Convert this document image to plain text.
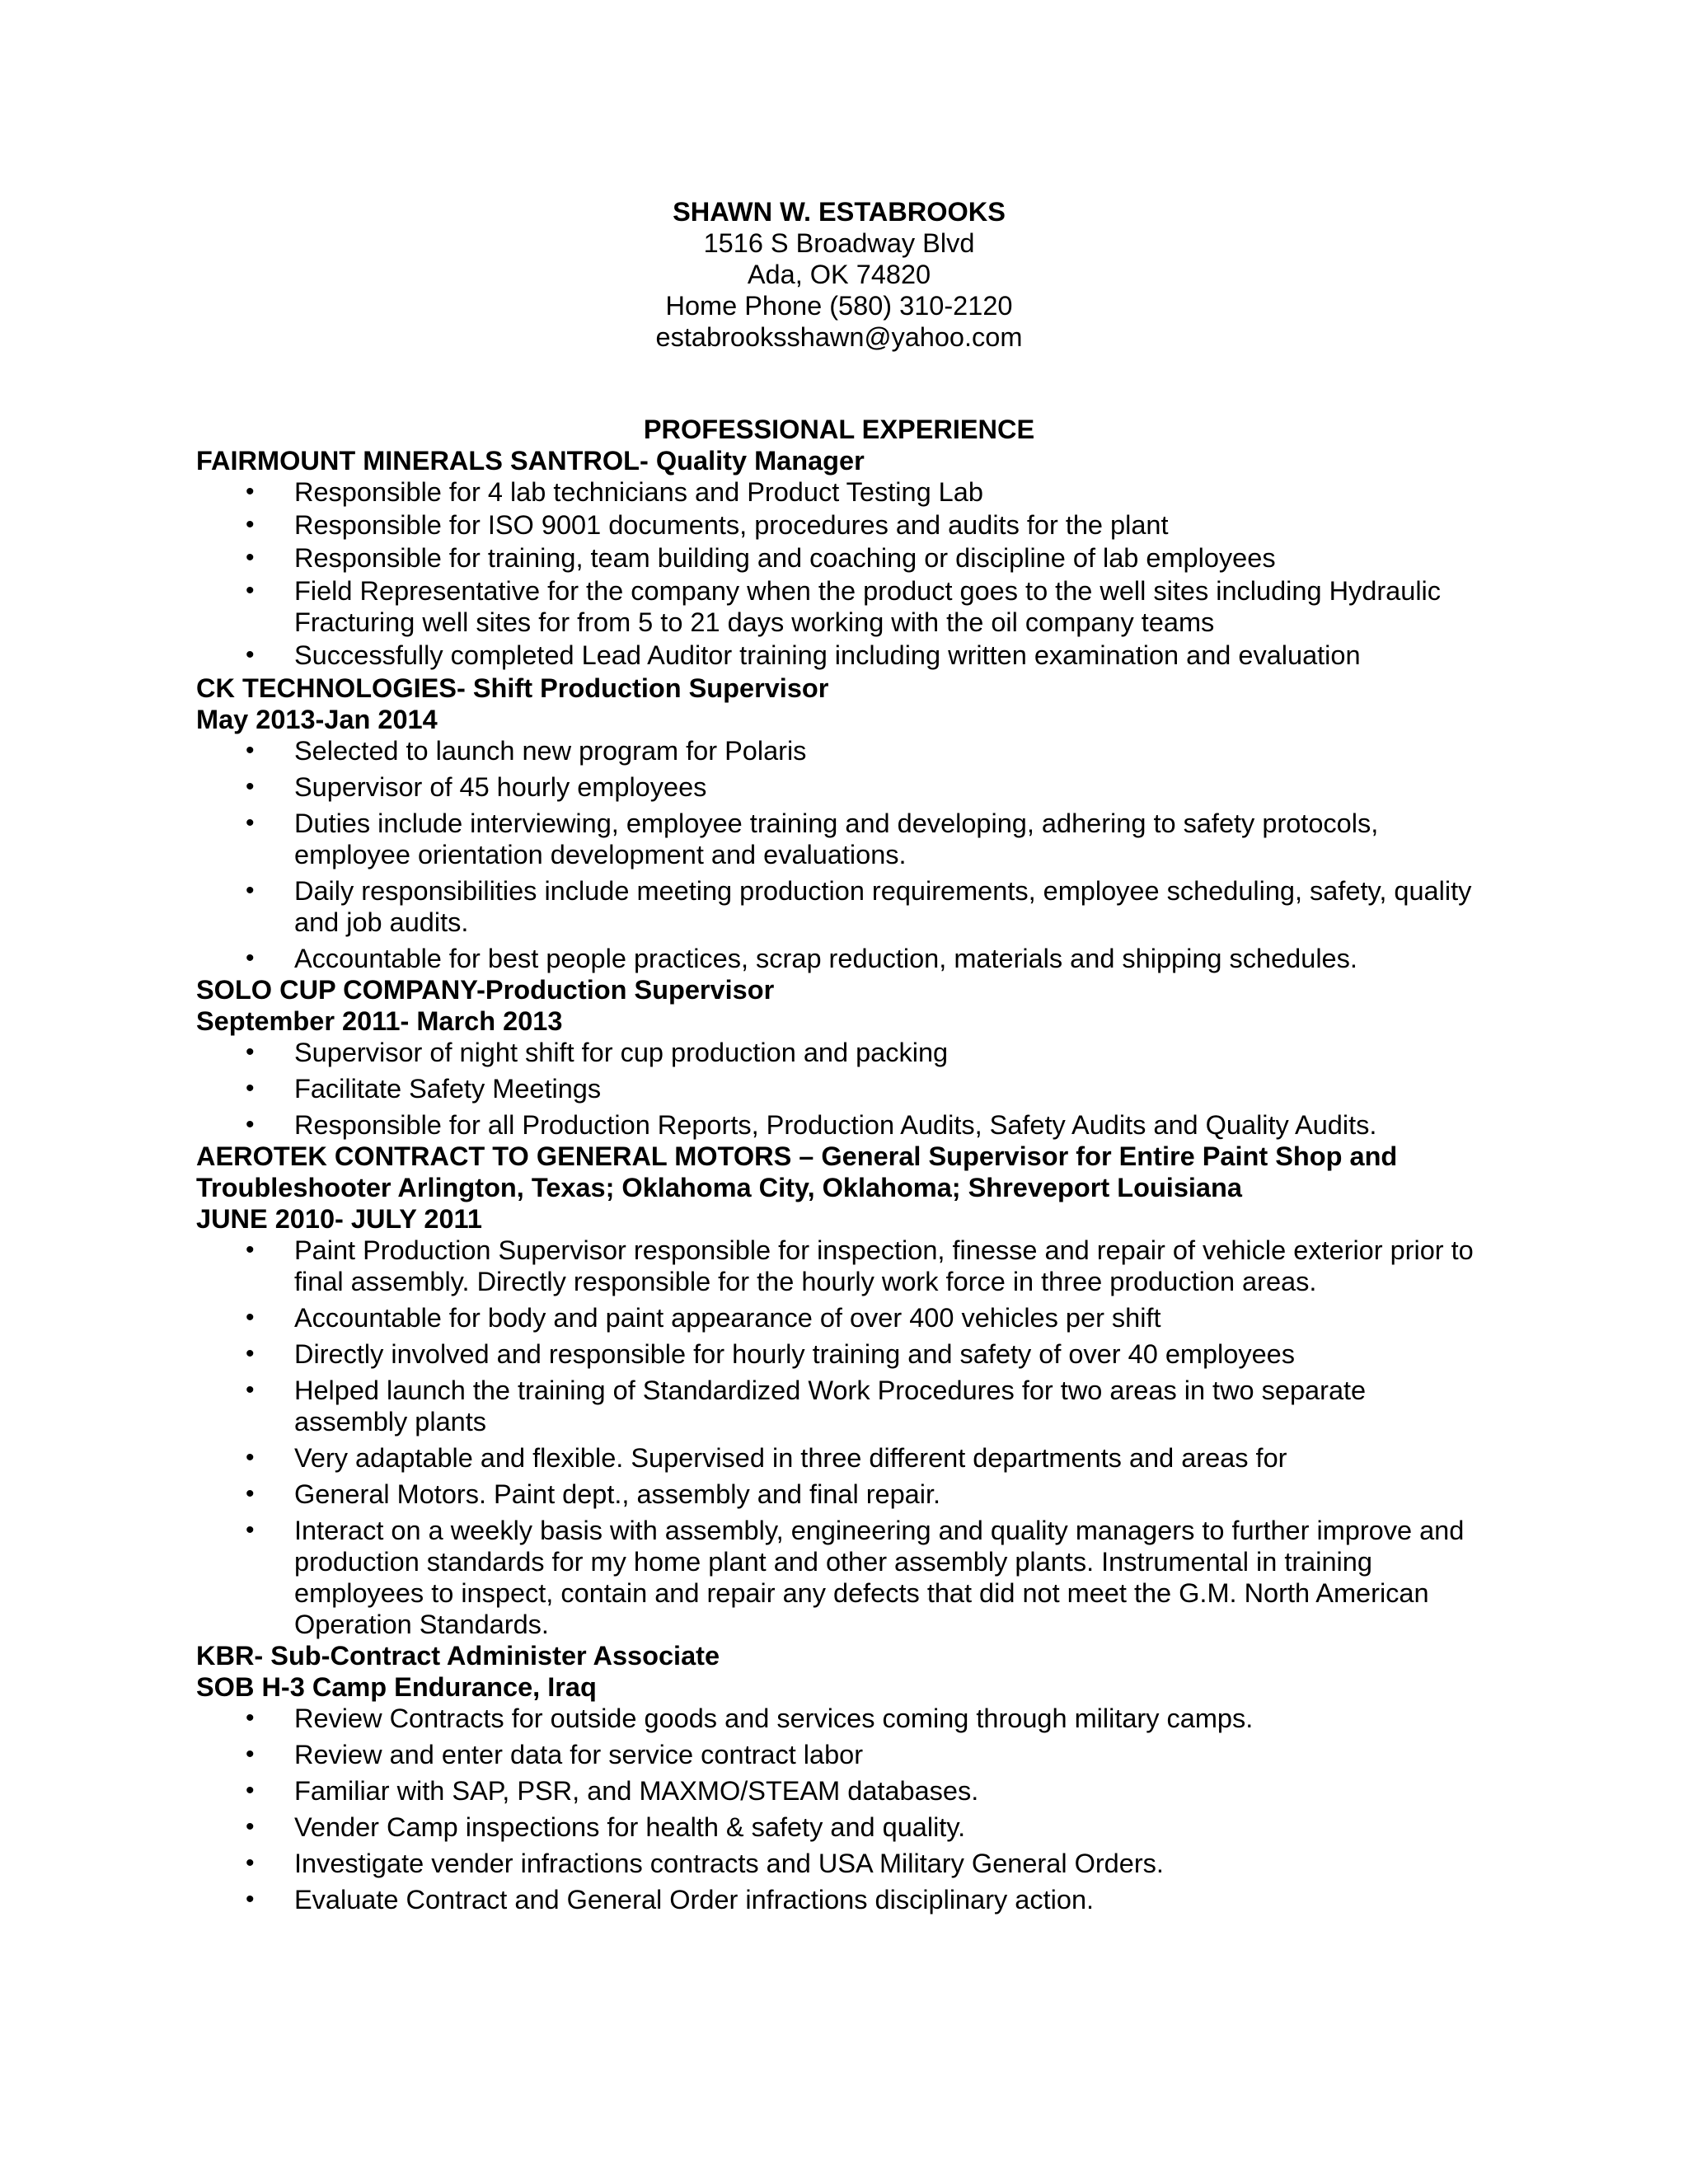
SHAWN W. ESTABROOKS
1516 S Broadway Blvd
Ada, OK 74820
Home Phone (580) 310-2120
estabrooksshawn@yahoo.com
PROFESSIONAL EXPERIENCE
FAIRMOUNT MINERALS SANTROL- Quality Manager
• Responsible for 4 lab technicians and Product Testing Lab
• Responsible for ISO 9001 documents, procedures and audits for the plant
• Responsible for training, team building and coaching or discipline of lab employees
• Field Representative for the company when the product goes to the well sites including Hydraulic Fracturing well sites for from 5 to 21 days working with the oil company teams
• Successfully completed Lead Auditor training including written examination and evaluation
CK TECHNOLOGIES- Shift Production Supervisor
May 2013-Jan 2014
• Selected to launch new program for Polaris
• Supervisor of 45 hourly employees
• Duties include interviewing, employee training and developing, adhering to safety protocols, employee orientation development and evaluations.
• Daily responsibilities include meeting production requirements, employee scheduling, safety, quality and job audits.
• Accountable for best people practices, scrap reduction, materials and shipping schedules.
SOLO CUP COMPANY-Production Supervisor
September 2011- March 2013
• Supervisor of night shift for cup production and packing
• Facilitate Safety Meetings
• Responsible for all Production Reports, Production Audits, Safety Audits and Quality Audits.
AEROTEK CONTRACT TO GENERAL MOTORS – General Supervisor for Entire Paint Shop and Troubleshooter Arlington, Texas; Oklahoma City, Oklahoma; Shreveport Louisiana
JUNE 2010- JULY 2011
• Paint Production Supervisor responsible for inspection, finesse and repair of vehicle exterior prior to final assembly. Directly responsible for the hourly work force in three production areas.
• Accountable for body and paint appearance of over 400 vehicles per shift
• Directly involved and responsible for hourly training and safety of over 40 employees
• Helped launch the training of Standardized Work Procedures for two areas in two separate assembly plants
• Very adaptable and flexible. Supervised in three different departments and areas for
• General Motors. Paint dept., assembly and final repair.
• Interact on a weekly basis with assembly, engineering and quality managers to further improve and production standards for my home plant and other assembly plants. Instrumental in training employees to inspect, contain and repair any defects that did not meet the G.M. North American Operation Standards.
KBR- Sub-Contract Administer Associate
SOB H-3 Camp Endurance, Iraq
• Review Contracts for outside goods and services coming through military camps.
• Review and enter data for service contract labor
• Familiar with SAP, PSR, and MAXMO/STEAM databases.
• Vender Camp inspections for health & safety and quality.
• Investigate vender infractions contracts and USA Military General Orders.
• Evaluate Contract and General Order infractions disciplinary action.
